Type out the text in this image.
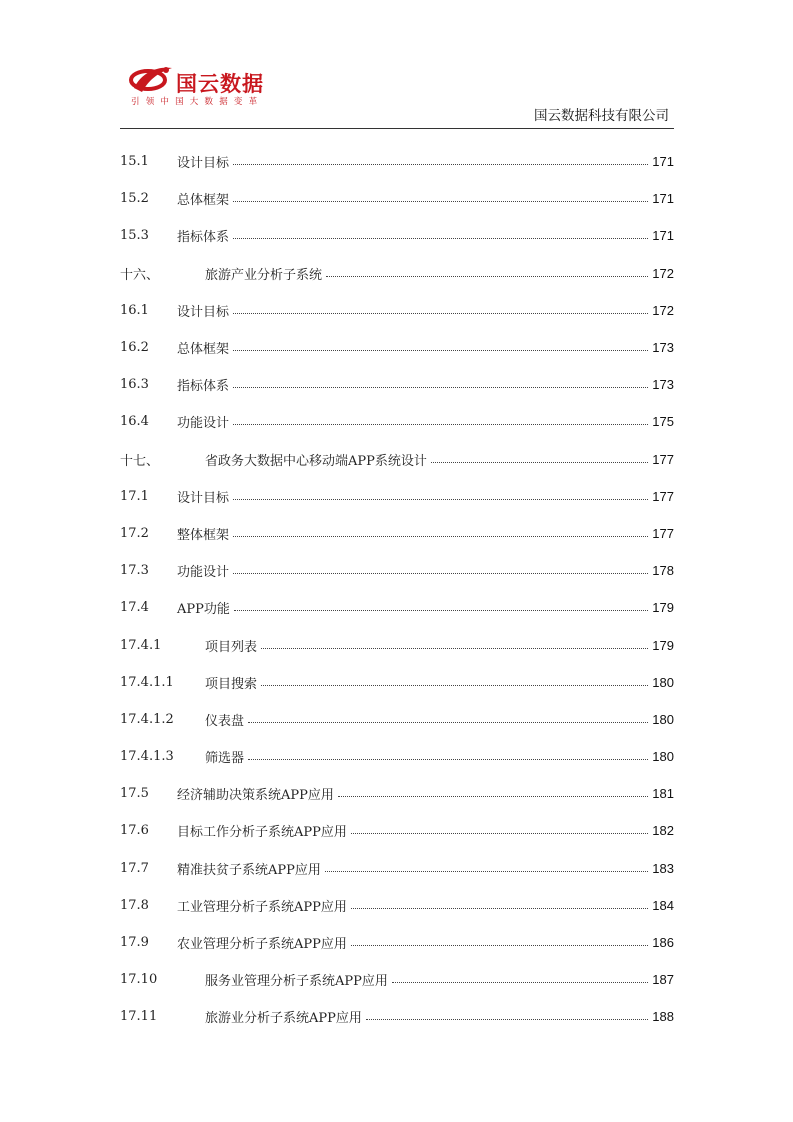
国云数据
引领中国大数据变革
国云数据科技有限公司
15.1	设计目标	171
15.2	总体框架	171
15.3	指标体系	171
十六、	旅游产业分析子系统	172
16.1	设计目标	172
16.2	总体框架	173
16.3	指标体系	173
16.4	功能设计	175
十七、	省政务大数据中心移动端APP系统设计	177
17.1	设计目标	177
17.2	整体框架	177
17.3	功能设计	178
17.4	APP功能	179
17.4.1	项目列表	179
17.4.1.1	项目搜索	180
17.4.1.2	仪表盘	180
17.4.1.3	筛选器	180
17.5	经济辅助决策系统APP应用	181
17.6	目标工作分析子系统APP应用	182
17.7	精准扶贫子系统APP应用	183
17.8	工业管理分析子系统APP应用	184
17.9	农业管理分析子系统APP应用	186
17.10	服务业管理分析子系统APP应用	187
17.11	旅游业分析子系统APP应用	188
